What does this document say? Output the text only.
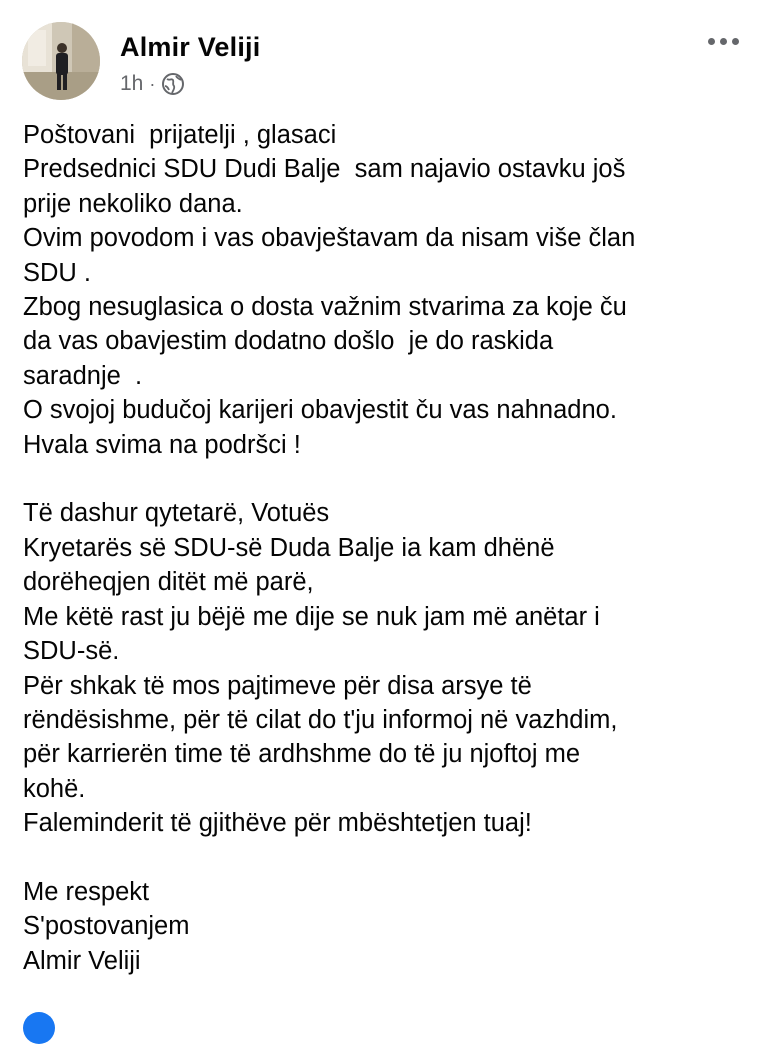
Almir Veliji
1h ·
Poštovani  prijatelji , glasaci
Predsednici SDU Dudi Balje  sam najavio ostavku još
prije nekoliko dana.
Ovim povodom i vas obavještavam da nisam više član
SDU .
Zbog nesuglasica o dosta važnim stvarima za koje ču
da vas obavjestim dodatno došlo  je do raskida
saradnje  .
O svojoj budučoj karijeri obavjestit ču vas nahnadno.
Hvala svima na podršci !

Të dashur qytetarë, Votuës
Kryetarës së SDU-së Duda Balje ia kam dhënë
dorëheqjen ditët më parë,
Me këtë rast ju bëjë me dije se nuk jam më anëtar i
SDU-së.
Për shkak të mos pajtimeve për disa arsye të
rëndësishme, për të cilat do t'ju informoj në vazhdim,
për karrierën time të ardhshme do të ju njoftoj me
kohë.
Faleminderit të gjithëve për mbështetjen tuaj!

Me respekt
S'postovanjem
Almir Veliji
